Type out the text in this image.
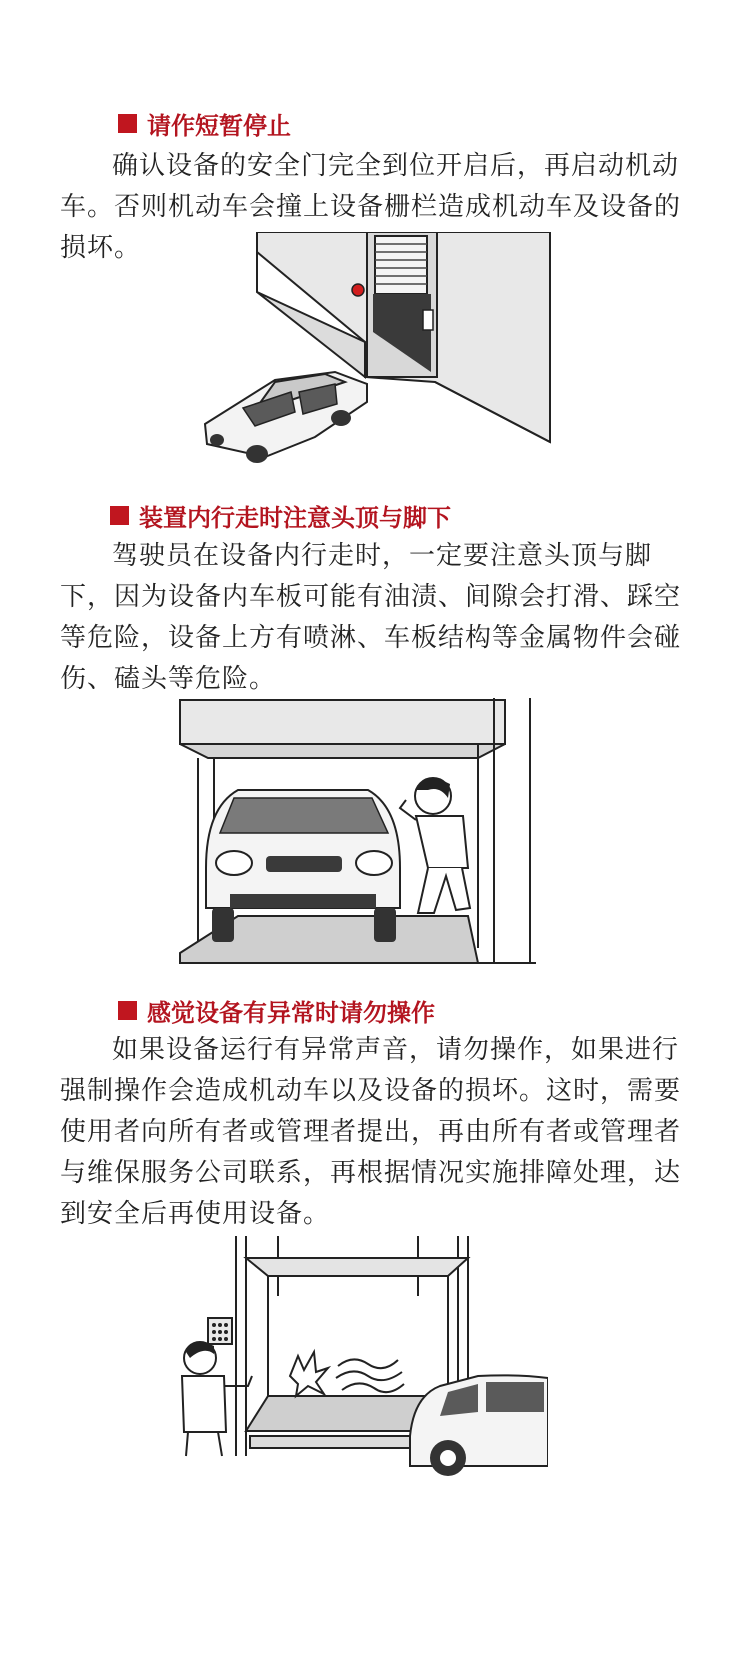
请作短暂停止
确认设备的安全门完全到位开启后，再启动机动车。否则机动车会撞上设备栅栏造成机动车及设备的损坏。
装置内行走时注意头顶与脚下
驾驶员在设备内行走时，一定要注意头顶与脚下，因为设备内车板可能有油渍、间隙会打滑、踩空等危险，设备上方有喷淋、车板结构等金属物件会碰伤、磕头等危险。
感觉设备有异常时请勿操作
如果设备运行有异常声音，请勿操作，如果进行强制操作会造成机动车以及设备的损坏。这时，需要使用者向所有者或管理者提出，再由所有者或管理者与维保服务公司联系，再根据情况实施排障处理，达到安全后再使用设备。
